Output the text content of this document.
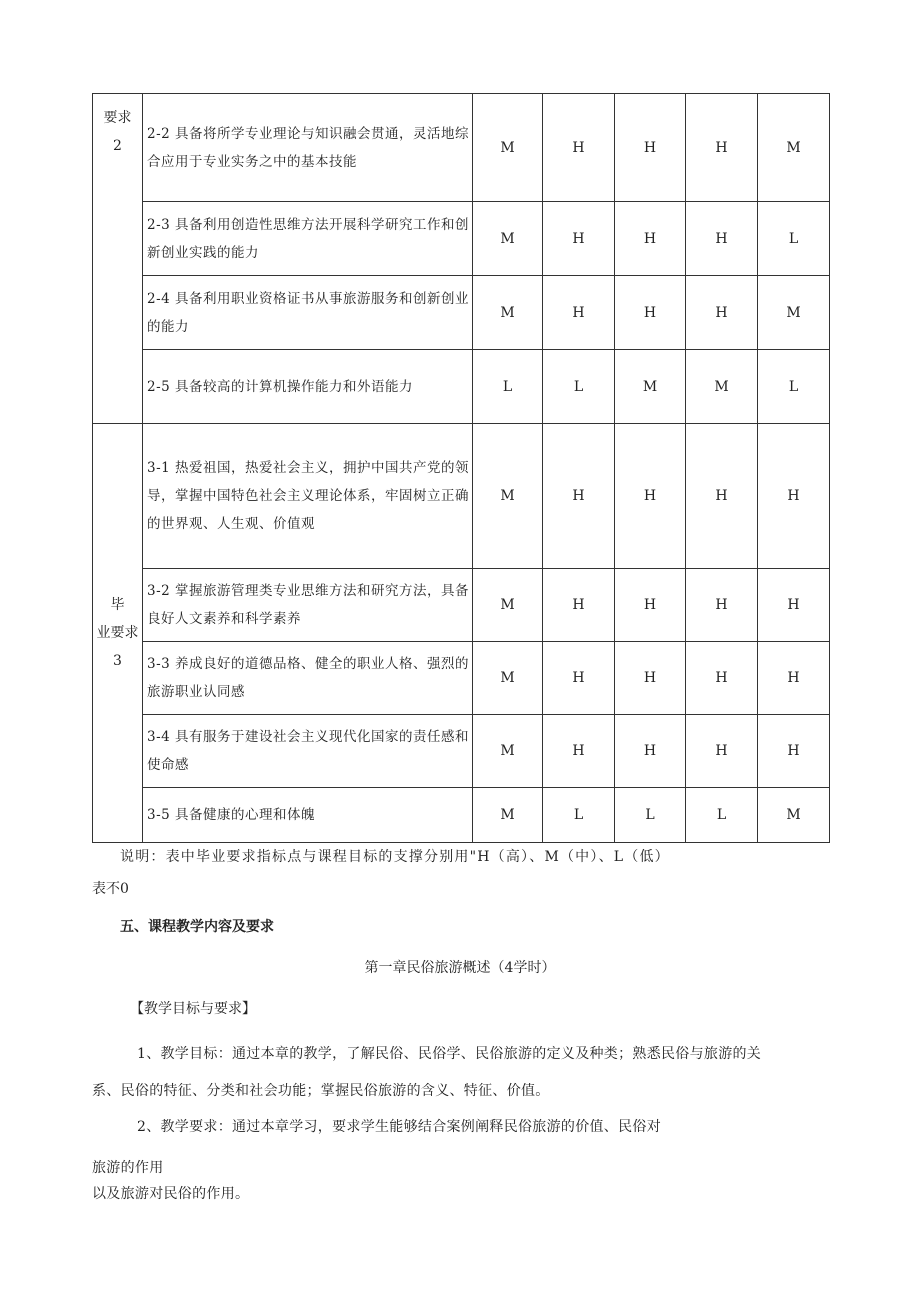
要求
2	2-2 具备将所学专业理论与知识融会贯通，灵活地综合应用于专业实务之中的基本技能	M	H	H	H	M
	2-3 具备利用创造性思维方法开展科学研究工作和创新创业实践的能力	M	H	H	H	L
	2-4 具备利用职业资格证书从事旅游服务和创新创业的能力	M	H	H	H	M
	2-5 具备较高的计算机操作能力和外语能力	L	L	M	M	L

毕
业要求
3	3-1 热爱祖国，热爱社会主义，拥护中国共产党的领导，掌握中国特色社会主义理论体系，牢固树立正确的世界观、人生观、价值观	M	H	H	H	H
	3-2 掌握旅游管理类专业思维方法和研究方法，具备良好人文素养和科学素养	M	H	H	H	H
	3-3 养成良好的道德品格、健全的职业人格、强烈的旅游职业认同感	M	H	H	H	H
	3-4 具有服务于建设社会主义现代化国家的责任感和使命感	M	H	H	H	H
	3-5 具备健康的心理和体魄	M	L	L	L	M
说明：表中毕业要求指标点与课程目标的支撑分别用"H（高）、M（中）、L（低）
表不0
五、课程教学内容及要求
第一章民俗旅游概述（4学时）
【教学目标与要求】
1、教学目标：通过本章的教学，了解民俗、民俗学、民俗旅游的定义及种类；熟悉民俗与旅游的关
系、民俗的特征、分类和社会功能；掌握民俗旅游的含义、特征、价值。
2、教学要求：通过本章学习，要求学生能够结合案例阐释民俗旅游的价值、民俗对
旅游的作用
以及旅游对民俗的作用。
